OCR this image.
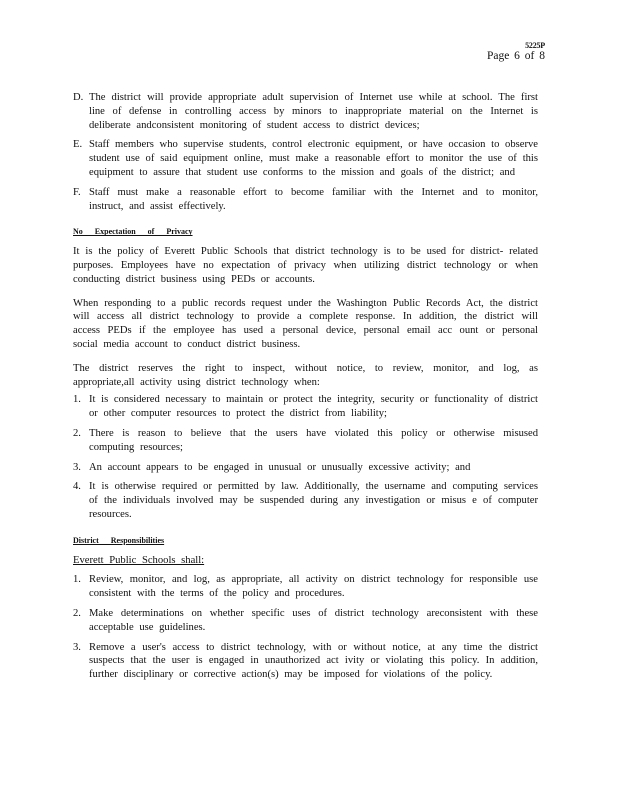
5225P
Page 6 of 8
D. The district will provide appropriate adult supervision of Internet use while at school. The first line of defense in controlling access by minors to inappropriate material on the Internet is deliberate andconsistent monitoring of student access to district devices;
E. Staff members who supervise students, control electronic equipment, or have occasion to observe student use of said equipment online, must make a reasonable effort to monitor the use of this equipment to assure that student use conforms to the mission and goals of the district; and
F. Staff must make a reasonable effort to become familiar with the Internet and to monitor, instruct, and assist effectively.
No Expectation of Privacy

It is the policy of Everett Public Schools that district technology is to be used for district- related purposes. Employees have no expectation of privacy when utilizing district technology or when conducting district business using PEDs or accounts.

When responding to a public records request under the Washington Public Records Act, the district will access all district technology to provide a complete response. In addition, the district will access PEDs if the employee has used a personal device, personal email acc ount or personal social media account to conduct district business.

The district reserves the right to inspect, without notice, to review, monitor, and log, as appropriate,all activity using district technology when:

1. It is considered necessary to maintain or protect the integrity, security or functionality of district or other computer resources to protect the district from liability;
2. There is reason to believe that the users have violated this policy or otherwise misused computing resources;
3. An account appears to be engaged in unusual or unusually excessive activity; and
4. It is otherwise required or permitted by law. Additionally, the username and computing services of the individuals involved may be suspended during any investigation or misus e of computer resources.
District Responsibilities
Everett Public Schools shall:
1. Review, monitor, and log, as appropriate, all activity on district technology for responsible use consistent with the terms of the policy and procedures.
2. Make determinations on whether specific uses of district technology areconsistent with these acceptable use guidelines.
3. Remove a user's access to district technology, with or without notice, at any time the district suspects that the user is engaged in unauthorized act ivity or violating this policy. In addition, further disciplinary or corrective action(s) may be imposed for violations of the policy.
